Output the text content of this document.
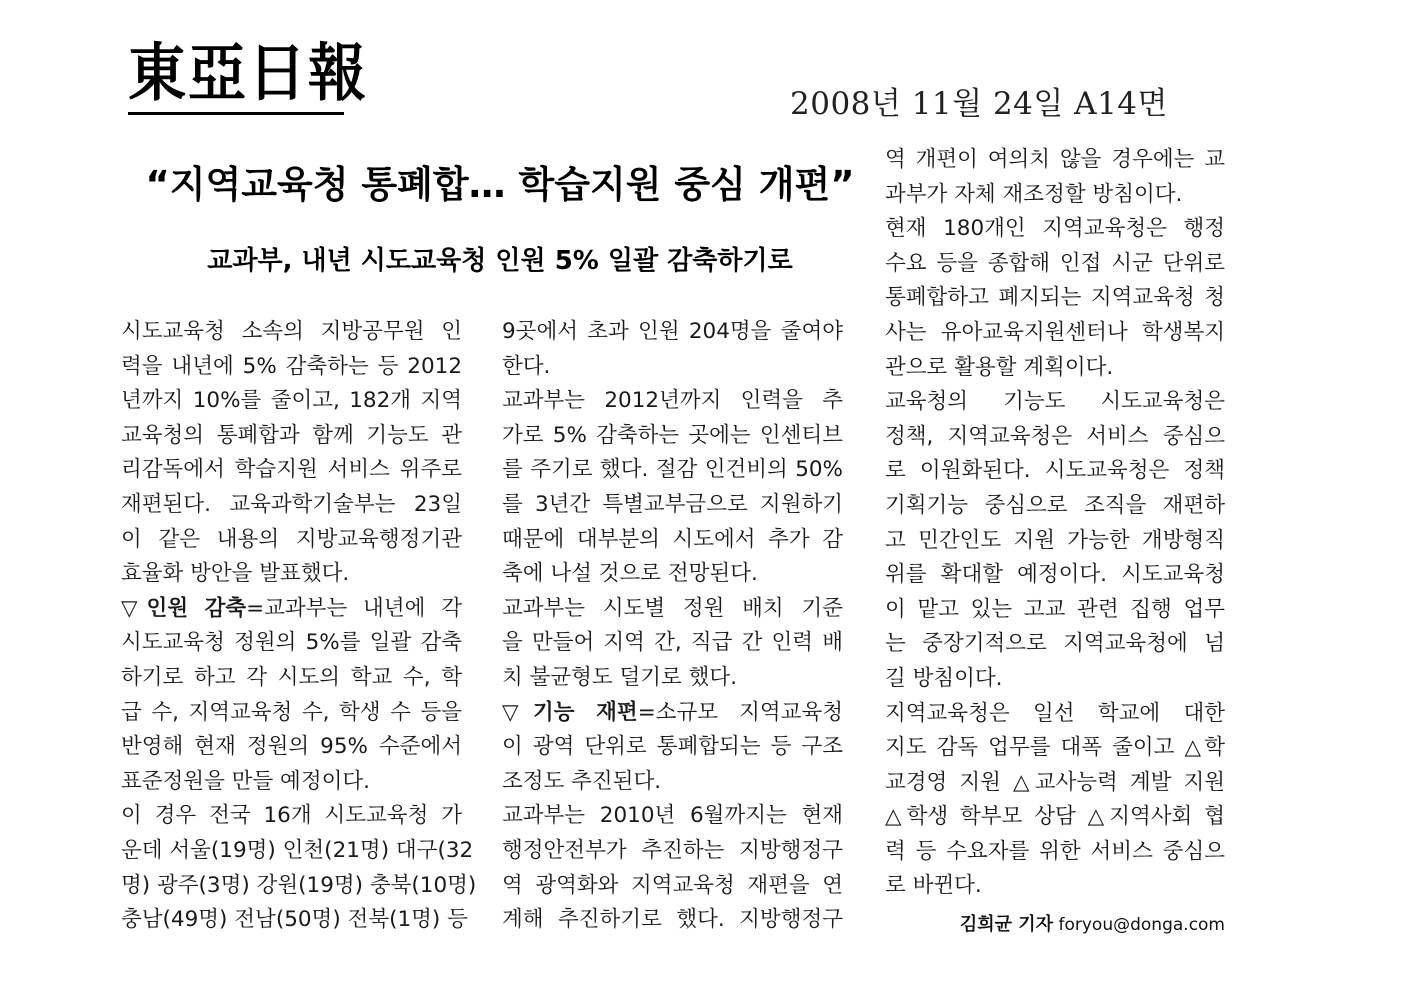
東亞日報	2008년 11월 24일 A14면
“지역교육청 통폐합… 학습지원 중심 개편”
교과부, 내년 시도교육청 인원 5% 일괄 감축하기로
시도교육청 소속의 지방공무원 인
력을 내년에 5% 감축하는 등 2012
년까지 10%를 줄이고, 182개 지역
교육청의 통폐합과 함께 기능도 관
리감독에서 학습지원 서비스 위주로
재편된다. 교육과학기술부는 23일
이 같은 내용의 지방교육행정기관
효율화 방안을 발표했다.
▽인원 감축=교과부는 내년에 각
시도교육청 정원의 5%를 일괄 감축
하기로 하고 각 시도의 학교 수, 학
급 수, 지역교육청 수, 학생 수 등을
반영해 현재 정원의 95% 수준에서
표준정원을 만들 예정이다.
이 경우 전국 16개 시도교육청 가
운데 서울(19명) 인천(21명) 대구(32
명) 광주(3명) 강원(19명) 충북(10명)
충남(49명) 전남(50명) 전북(1명) 등
9곳에서 초과 인원 204명을 줄여야
한다.
교과부는 2012년까지 인력을 추
가로 5% 감축하는 곳에는 인센티브
를 주기로 했다. 절감 인건비의 50%
를 3년간 특별교부금으로 지원하기
때문에 대부분의 시도에서 추가 감
축에 나설 것으로 전망된다.
교과부는 시도별 정원 배치 기준
을 만들어 지역 간, 직급 간 인력 배
치 불균형도 덜기로 했다.
▽기능 재편=소규모 지역교육청
이 광역 단위로 통폐합되는 등 구조
조정도 추진된다.
교과부는 2010년 6월까지는 현재
행정안전부가 추진하는 지방행정구
역 광역화와 지역교육청 재편을 연
계해 추진하기로 했다. 지방행정구
역 개편이 여의치 않을 경우에는 교
과부가 자체 재조정할 방침이다.
현재 180개인 지역교육청은 행정
수요 등을 종합해 인접 시군 단위로
통폐합하고 폐지되는 지역교육청 청
사는 유아교육지원센터나 학생복지
관으로 활용할 계획이다.
교육청의 기능도 시도교육청은
정책, 지역교육청은 서비스 중심으
로 이원화된다. 시도교육청은 정책
기획기능 중심으로 조직을 재편하
고 민간인도 지원 가능한 개방형직
위를 확대할 예정이다. 시도교육청
이 맡고 있는 고교 관련 집행 업무
는 중장기적으로 지역교육청에 넘
길 방침이다.
지역교육청은 일선 학교에 대한
지도 감독 업무를 대폭 줄이고 △학
교경영 지원 △교사능력 계발 지원
△학생 학부모 상담 △지역사회 협
력 등 수요자를 위한 서비스 중심으
로 바뀐다.
김희균 기자 foryou@donga.com
